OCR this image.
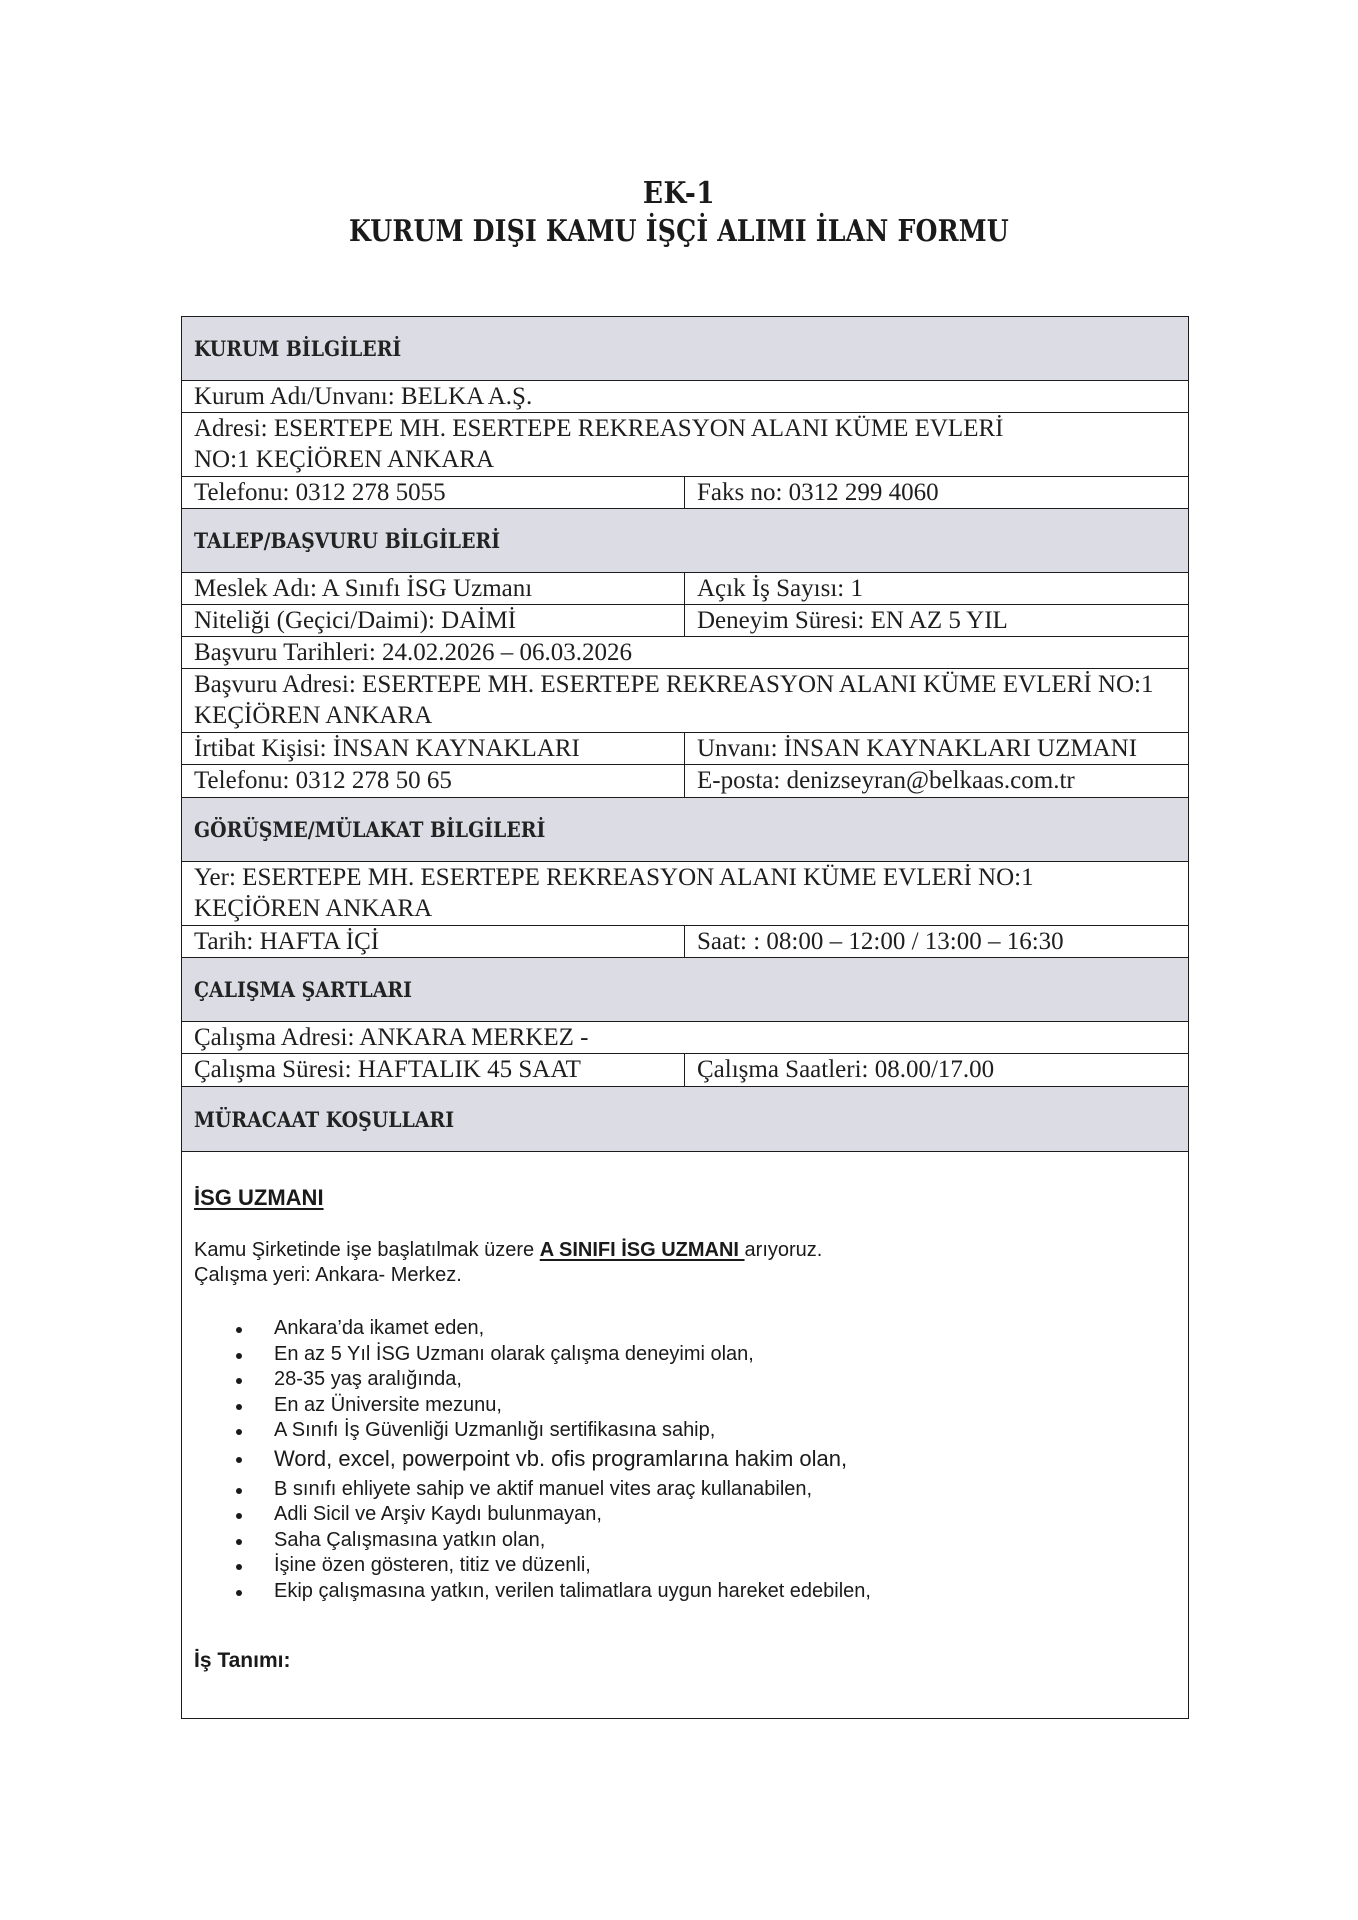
EK-1
KURUM DIŞI KAMU İŞÇİ ALIMI İLAN FORMU
KURUM BİLGİLERİ
Kurum Adı/Unvanı: BELKA A.Ş.
Adresi: ESERTEPE MH. ESERTEPE REKREASYON ALANI KÜME EVLERİ NO:1 KEÇİÖREN ANKARA
Telefonu: 0312 278 5055	Faks no: 0312 299 4060
TALEP/BAŞVURU BİLGİLERİ
Meslek Adı: A Sınıfı İSG Uzmanı	Açık İş Sayısı: 1
Niteliği (Geçici/Daimi): DAİMİ	Deneyim Süresi: EN AZ 5 YIL
Başvuru Tarihleri: 24.02.2026 – 06.03.2026
Başvuru Adresi: ESERTEPE MH. ESERTEPE REKREASYON ALANI KÜME EVLERİ NO:1 KEÇİÖREN ANKARA
İrtibat Kişisi: İNSAN KAYNAKLARI	Unvanı: İNSAN KAYNAKLARI UZMANI
Telefonu: 0312 278 50 65	E-posta: denizseyran@belkaas.com.tr
GÖRÜŞME/MÜLAKAT BİLGİLERİ
Yer: ESERTEPE MH. ESERTEPE REKREASYON ALANI KÜME EVLERİ NO:1 KEÇİÖREN ANKARA
Tarih: HAFTA İÇİ	Saat: : 08:00 – 12:00 / 13:00 – 16:30
ÇALIŞMA ŞARTLARI
Çalışma Adresi: ANKARA MERKEZ -
Çalışma Süresi: HAFTALIK 45 SAAT	Çalışma Saatleri: 08.00/17.00
MÜRACAAT KOŞULLARI
İSG UZMANI
Kamu Şirketinde işe başlatılmak üzere A SINIFI İSG UZMANI arıyoruz.
Çalışma yeri: Ankara- Merkez.
Ankara’da ikamet eden,
En az 5 Yıl İSG Uzmanı olarak çalışma deneyimi olan,
28-35 yaş aralığında,
En az Üniversite mezunu,
A Sınıfı İş Güvenliği Uzmanlığı sertifikasına sahip,
Word, excel, powerpoint vb. ofis programlarına hakim olan,
B sınıfı ehliyete sahip ve aktif manuel vites araç kullanabilen,
Adli Sicil ve Arşiv Kaydı bulunmayan,
Saha Çalışmasına yatkın olan,
İşine özen gösteren, titiz ve düzenli,
Ekip çalışmasına yatkın, verilen talimatlara uygun hareket edebilen,
İş Tanımı:
